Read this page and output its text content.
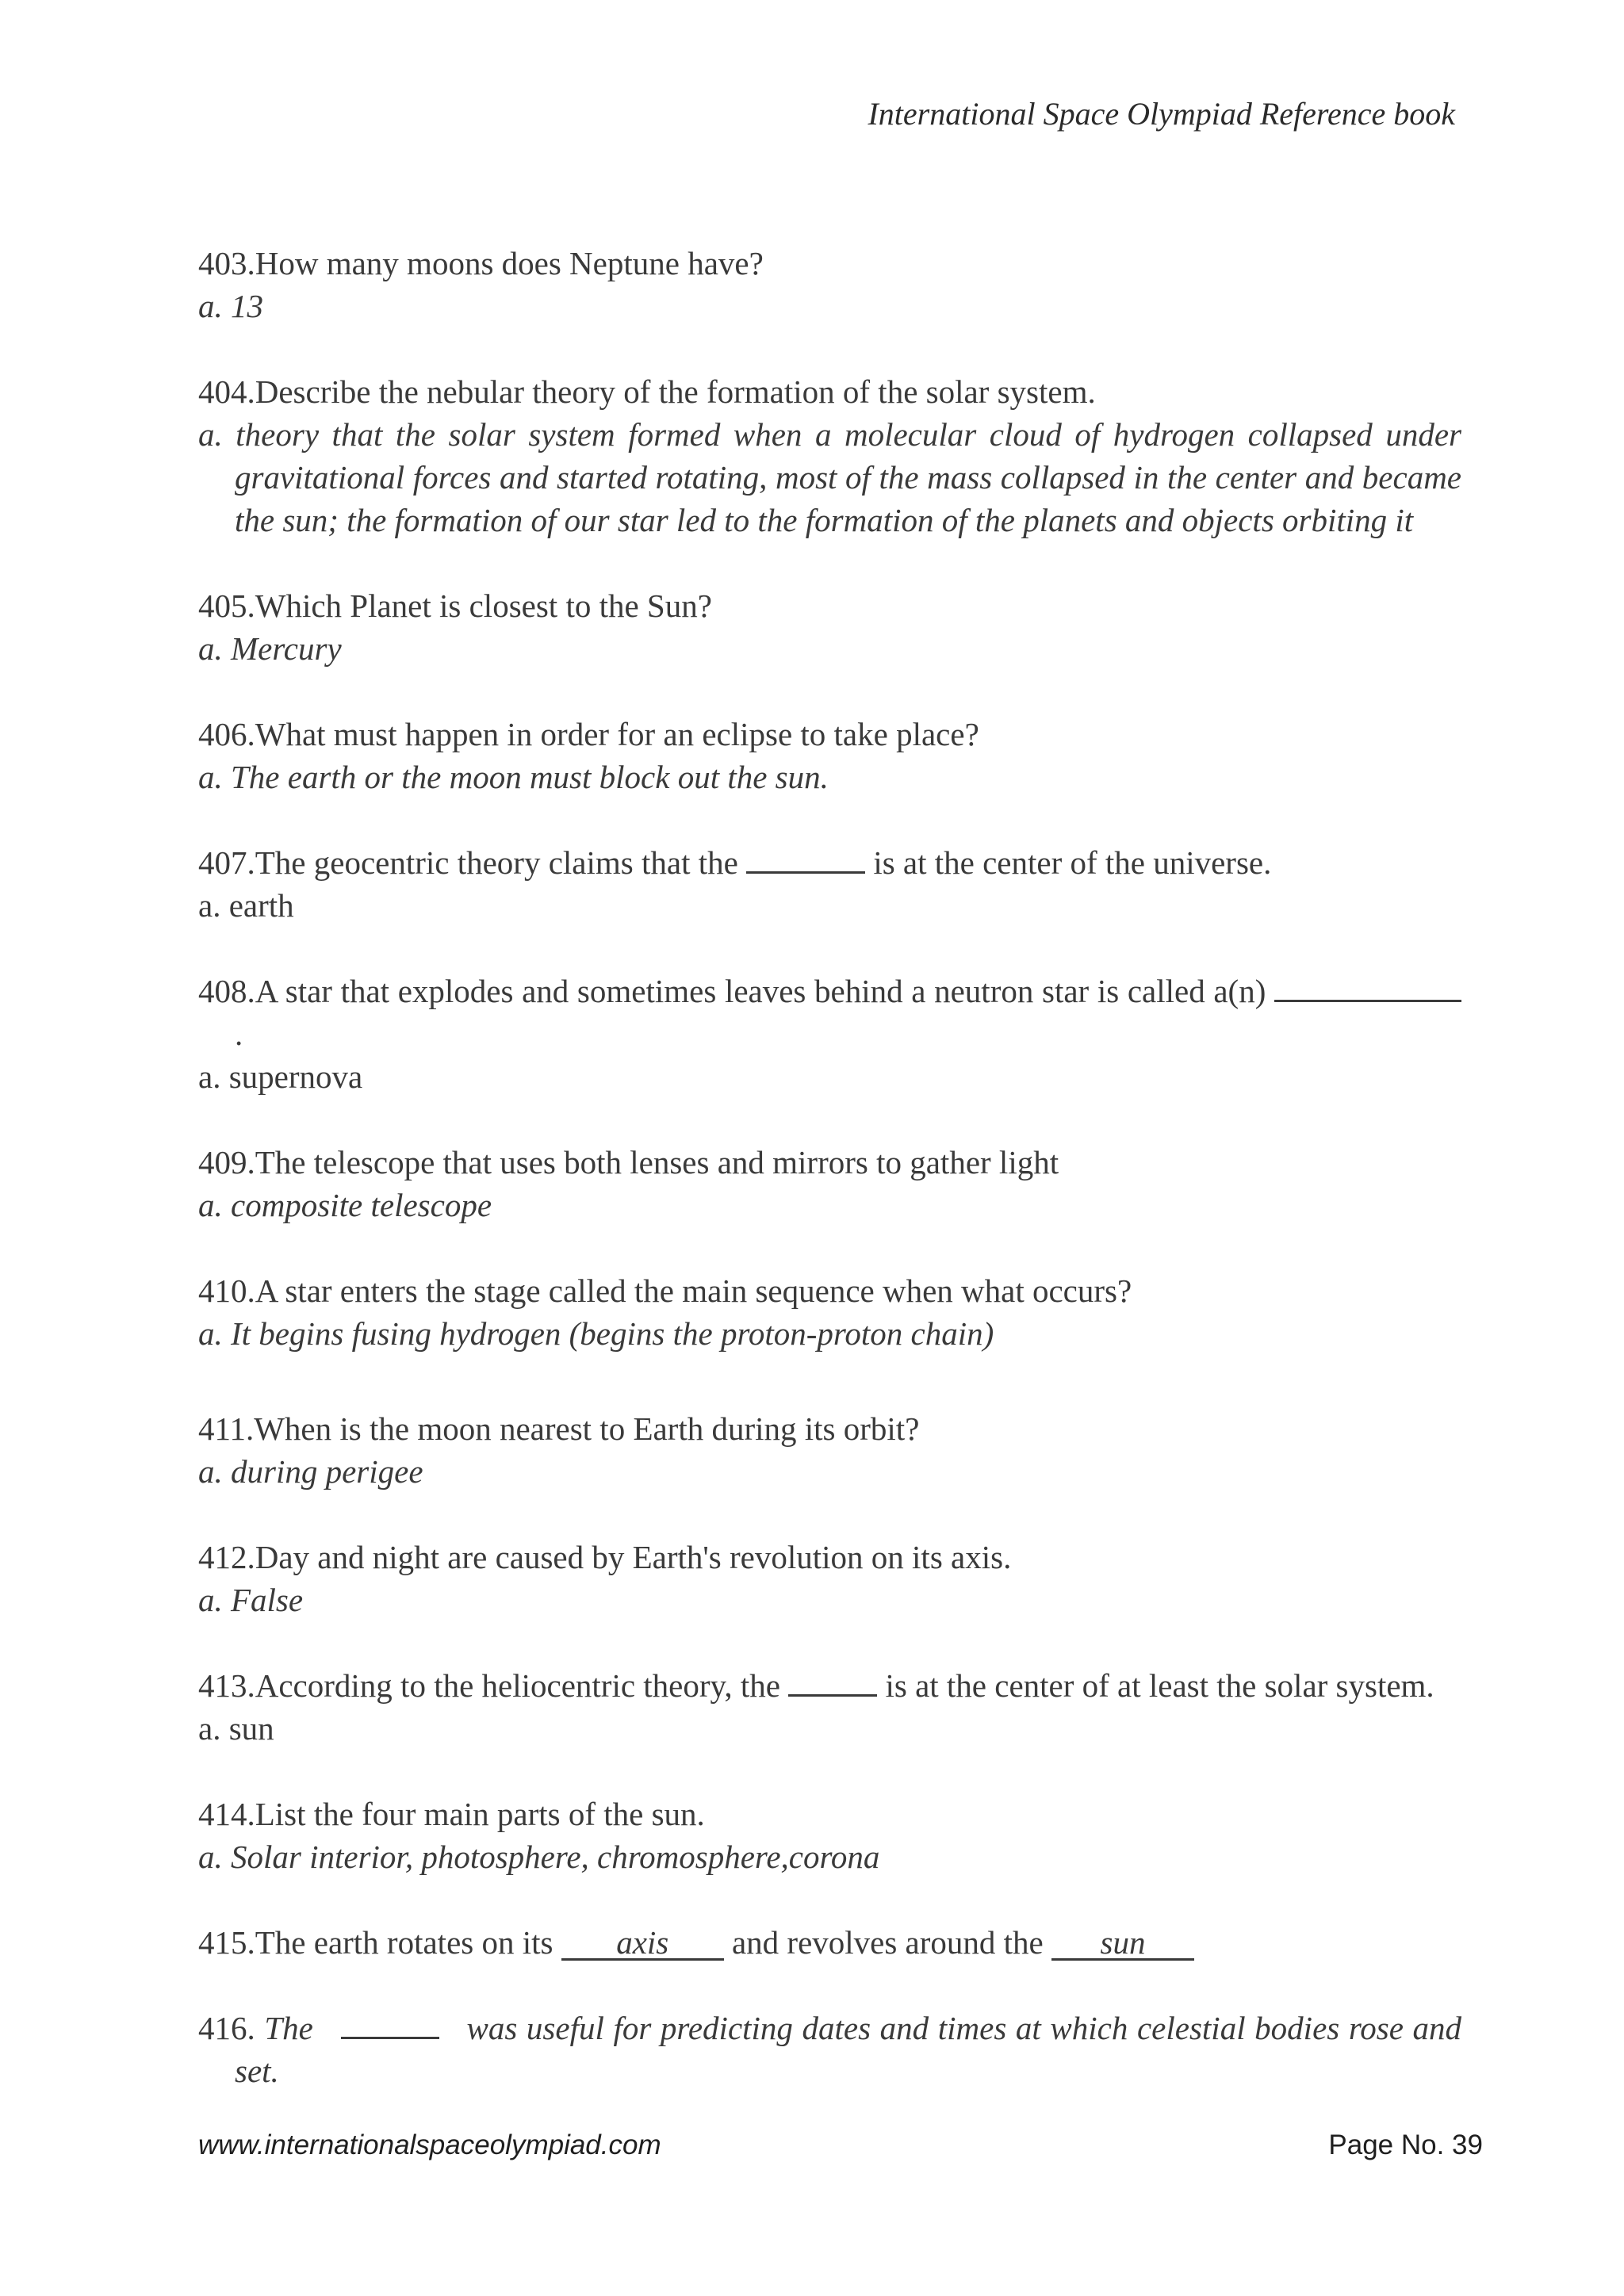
International Space Olympiad Reference book
403.How many moons does Neptune have?
a. 13
404.Describe the nebular theory of the formation of the solar system.
a. theory that the solar system formed when a molecular cloud of hydrogen collapsed under gravitational forces and started rotating, most of the mass collapsed in the center and became the sun; the formation of our star led to the formation of the planets and objects orbiting it
405.Which Planet is closest to the Sun?
a. Mercury
406.What must happen in order for an eclipse to take place?
a. The earth or the moon must block out the sun.
407.The geocentric theory claims that the	is at the center of the universe.
a. earth
408.A star that explodes and sometimes leaves behind a neutron star is called a(n) .
a. supernova
409.The telescope that uses both lenses and mirrors to gather light
a. composite telescope
410.A star enters the stage called the main sequence when what occurs?
a. It begins fusing hydrogen (begins the proton-proton chain)
411.When is the moon nearest to Earth during its orbit?
a. during perigee
412.Day and night are caused by Earth's revolution on its axis.
a. False
413.According to the heliocentric theory, the	is at the center of at least the solar system.
a. sun
414.List the four main parts of the sun.
a. Solar interior, photosphere, chromosphere,corona
415.The earth rotates on its axis and revolves around the sun
416. The	was useful for predicting dates and times at which celestial bodies rose and set.
www.internationalspaceolympiad.com	Page No. 39
